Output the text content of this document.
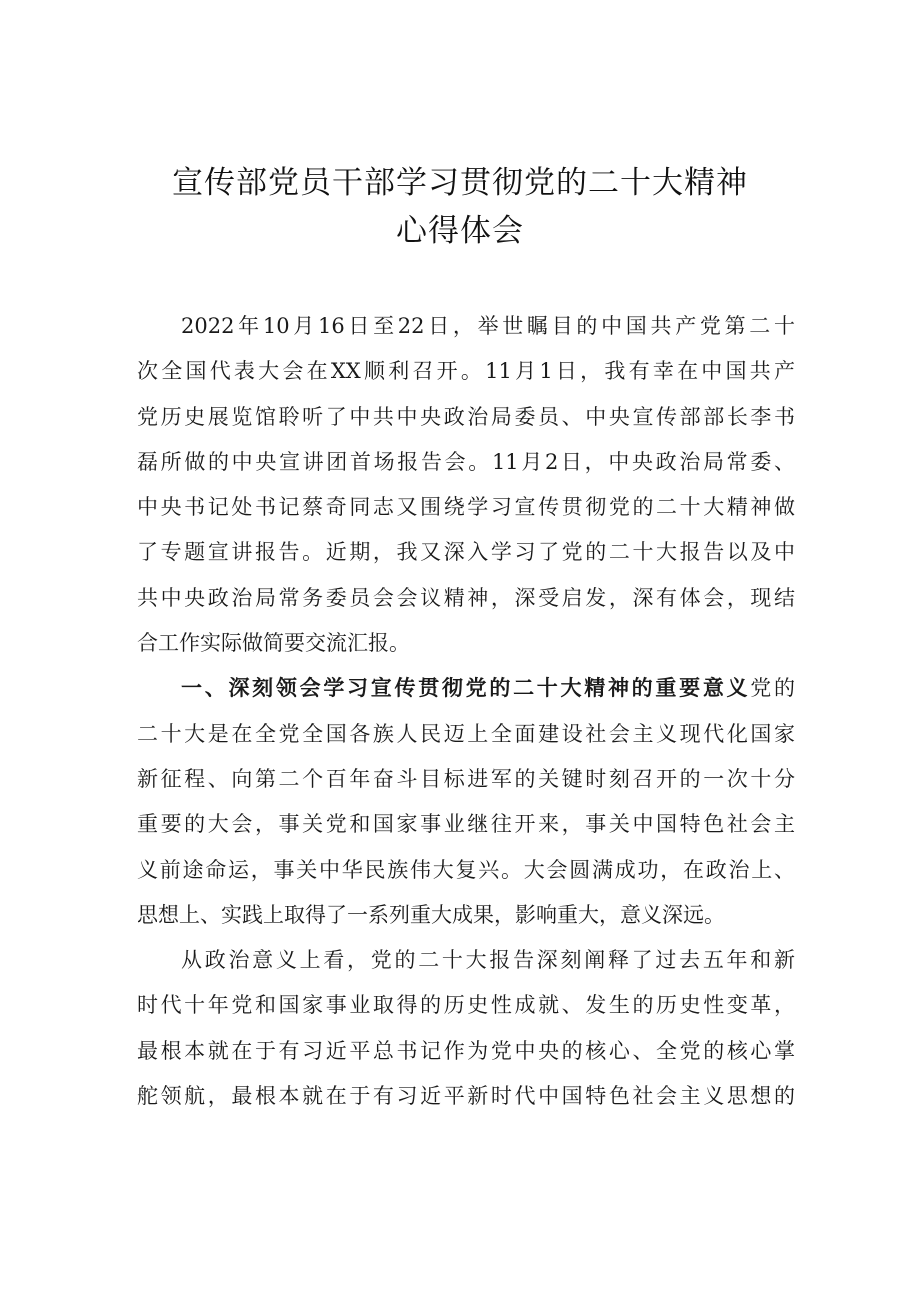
宣传部党员干部学习贯彻党的二十大精神
心得体会
2022年10月16日至22日，举世瞩目的中国共产党第二十
次全国代表大会在XX顺利召开。11月1日，我有幸在中国共产
党历史展览馆聆听了中共中央政治局委员、中央宣传部部长李书
磊所做的中央宣讲团首场报告会。11月2日，中央政治局常委、
中央书记处书记蔡奇同志又围绕学习宣传贯彻党的二十大精神做
了专题宣讲报告。近期，我又深入学习了党的二十大报告以及中
共中央政治局常务委员会会议精神，深受启发，深有体会，现结
合工作实际做简要交流汇报。
一、深刻领会学习宣传贯彻党的二十大精神的重要意义党的
二十大是在全党全国各族人民迈上全面建设社会主义现代化国家
新征程、向第二个百年奋斗目标进军的关键时刻召开的一次十分
重要的大会，事关党和国家事业继往开来，事关中国特色社会主
义前途命运，事关中华民族伟大复兴。大会圆满成功，在政治上、
思想上、实践上取得了一系列重大成果，影响重大，意义深远。
从政治意义上看，党的二十大报告深刻阐释了过去五年和新
时代十年党和国家事业取得的历史性成就、发生的历史性变革，
最根本就在于有习近平总书记作为党中央的核心、全党的核心掌
舵领航，最根本就在于有习近平新时代中国特色社会主义思想的
